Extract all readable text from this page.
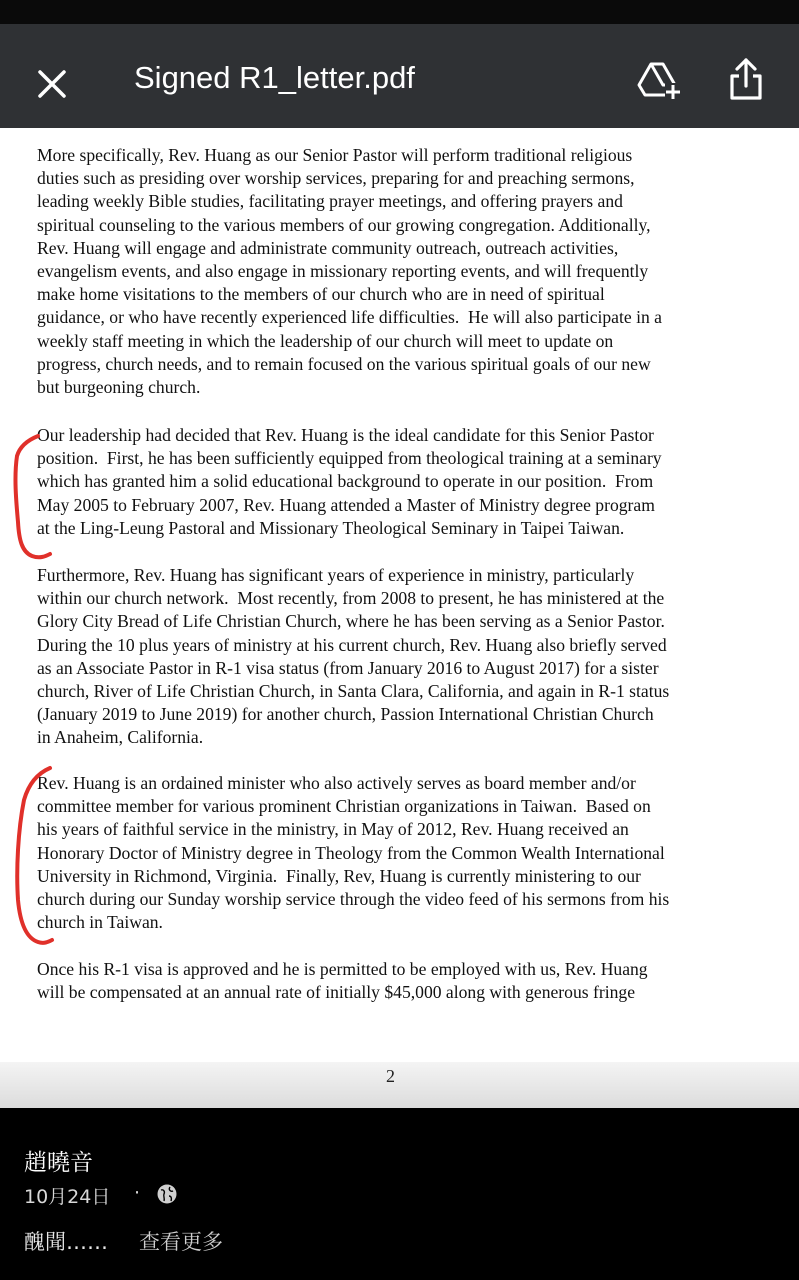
Signed R1_letter.pdf
More specifically, Rev. Huang as our Senior Pastor will perform traditional religious
duties such as presiding over worship services, preparing for and preaching sermons,
leading weekly Bible studies, facilitating prayer meetings, and offering prayers and
spiritual counseling to the various members of our growing congregation. Additionally,
Rev. Huang will engage and administrate community outreach, outreach activities,
evangelism events, and also engage in missionary reporting events, and will frequently
make home visitations to the members of our church who are in need of spiritual
guidance, or who have recently experienced life difficulties.  He will also participate in a
weekly staff meeting in which the leadership of our church will meet to update on
progress, church needs, and to remain focused on the various spiritual goals of our new
but burgeoning church.
Our leadership had decided that Rev. Huang is the ideal candidate for this Senior Pastor
position.  First, he has been sufficiently equipped from theological training at a seminary
which has granted him a solid educational background to operate in our position.  From
May 2005 to February 2007, Rev. Huang attended a Master of Ministry degree program
at the Ling-Leung Pastoral and Missionary Theological Seminary in Taipei Taiwan.
Furthermore, Rev. Huang has significant years of experience in ministry, particularly
within our church network.  Most recently, from 2008 to present, he has ministered at the
Glory City Bread of Life Christian Church, where he has been serving as a Senior Pastor.
During the 10 plus years of ministry at his current church, Rev. Huang also briefly served
as an Associate Pastor in R-1 visa status (from January 2016 to August 2017) for a sister
church, River of Life Christian Church, in Santa Clara, California, and again in R-1 status
(January 2019 to June 2019) for another church, Passion International Christian Church
in Anaheim, California.
Rev. Huang is an ordained minister who also actively serves as board member and/or
committee member for various prominent Christian organizations in Taiwan.  Based on
his years of faithful service in the ministry, in May of 2012, Rev. Huang received an
Honorary Doctor of Ministry degree in Theology from the Common Wealth International
University in Richmond, Virginia.  Finally, Rev, Huang is currently ministering to our
church during our Sunday worship service through the video feed of his sermons from his
church in Taiwan.
Once his R-1 visa is approved and he is permitted to be employed with us, Rev. Huang
will be compensated at an annual rate of initially $45,000 along with generous fringe
2
趙曉音
10月24日 ·
醜聞…… 查看更多
